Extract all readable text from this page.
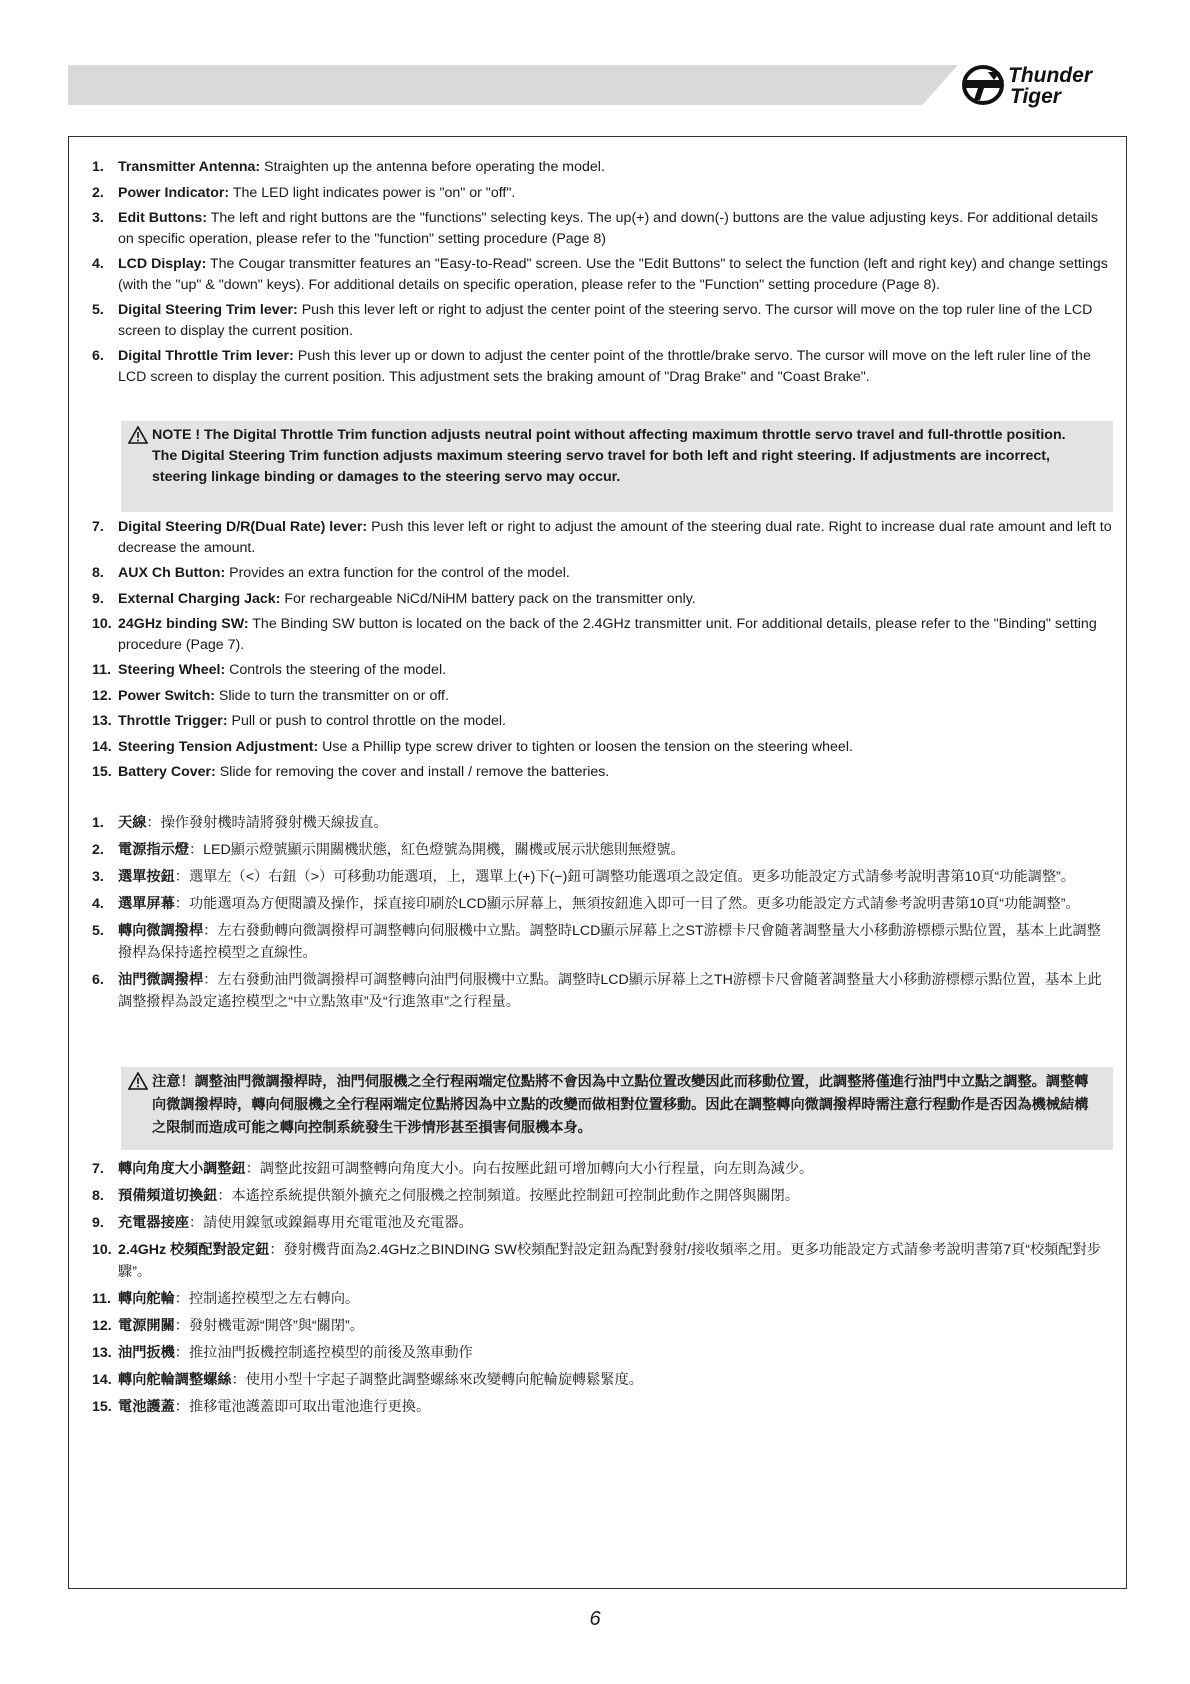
Thunder
Tiger
1. Transmitter Antenna: Straighten up the antenna before operating the model.
2. Power Indicator: The LED light indicates power is "on" or "off".
3. Edit Buttons: The left and right buttons are the "functions" selecting keys. The up(+) and down(-) buttons are the value adjusting keys. For additional details on specific operation, please refer to the "function" setting procedure (Page 8)
4. LCD Display: The Cougar transmitter features an "Easy-to-Read" screen. Use the "Edit Buttons" to select the function (left and right key) and change settings (with the "up" & "down" keys). For additional details on specific operation, please refer to the "Function" setting procedure (Page 8).
5. Digital Steering Trim lever: Push this lever left or right to adjust the center point of the steering servo. The cursor will move on the top ruler line of the LCD screen to display the current position.
6. Digital Throttle Trim lever: Push this lever up or down to adjust the center point of the throttle/brake servo. The cursor will move on the left ruler line of the LCD screen to display the current position. This adjustment sets the braking amount of "Drag Brake" and "Coast Brake".
NOTE ! The Digital Throttle Trim function adjusts neutral point without affecting maximum throttle servo travel and full-throttle position.
The Digital Steering Trim function adjusts maximum steering servo travel for both left and right steering. If adjustments are incorrect, steering linkage binding or damages to the steering servo may occur.
7. Digital Steering D/R(Dual Rate) lever: Push this lever left or right to adjust the amount of the steering dual rate. Right to increase dual rate amount and left to decrease the amount.
8. AUX Ch Button: Provides an extra function for the control of the model.
9. External Charging Jack: For rechargeable NiCd/NiHM battery pack on the transmitter only.
10. 24GHz binding SW: The Binding SW button is located on the back of the 2.4GHz transmitter unit. For additional details, please refer to the "Binding" setting procedure (Page 7).
11. Steering Wheel: Controls the steering of the model.
12. Power Switch: Slide to turn the transmitter on or off.
13. Throttle Trigger: Pull or push to control throttle on the model.
14. Steering Tension Adjustment: Use a Phillip type screw driver to tighten or loosen the tension on the steering wheel.
15. Battery Cover: Slide for removing the cover and install / remove the batteries.
1. 天線：操作發射機時請將發射機天線拔直。
2. 電源指示燈：LED顯示燈號顯示開關機狀態，紅色燈號為開機，關機或展示狀態則無燈號。
3. 選單按鈕：選單左（<）右鈕（>）可移動功能選項，上，選單上(+)下(−)鈕可調整功能選項之設定值。更多功能設定方式請參考說明書第10頁“功能調整”。
4. 選單屏幕：功能選項為方便閱讀及操作，採直接印刷於LCD顯示屏幕上，無須按鈕進入即可一目了然。更多功能設定方式請參考說明書第10頁“功能調整”。
5. 轉向微調撥桿：左右發動轉向微調撥桿可調整轉向伺服機中立點。調整時LCD顯示屏幕上之ST游標卡尺會隨著調整量大小移動游標標示點位置，基本上此調整撥桿為保持遙控模型之直線性。
6. 油門微調撥桿：左右發動油門微調撥桿可調整轉向油門伺服機中立點。調整時LCD顯示屏幕上之TH游標卡尺會隨著調整量大小移動游標標示點位置，基本上此調整撥桿為設定遙控模型之“中立點煞車”及“行進煞車”之行程量。
注意！調整油門微調撥桿時，油門伺服機之全行程兩端定位點將不會因為中立點位置改變因此而移動位置，此調整將僅進行油門中立點之調整。調整轉向微調撥桿時，轉向伺服機之全行程兩端定位點將因為中立點的改變而做相對位置移動。因此在調整轉向微調撥桿時需注意行程動作是否因為機械結構之限制而造成可能之轉向控制系統發生干涉情形甚至損害伺服機本身。
7. 轉向角度大小調整鈕：調整此按鈕可調整轉向角度大小。向右按壓此鈕可增加轉向大小行程量，向左則為減少。
8. 預備頻道切換鈕：本遙控系統提供額外擴充之伺服機之控制頻道。按壓此控制鈕可控制此動作之開啓與關閉。
9. 充電器接座：請使用鎳氫或鎳鎘專用充電電池及充電器。
10. 2.4GHz 校頻配對設定鈕：發射機背面為2.4GHz之BINDING SW校頻配對設定鈕為配對發射/接收頻率之用。更多功能設定方式請參考說明書第7頁“校頻配對步驟”。
11. 轉向舵輪：控制遙控模型之左右轉向。
12. 電源開關：發射機電源“開啓”與“關閉”。
13. 油門扳機：推拉油門扳機控制遙控模型的前後及煞車動作
14. 轉向舵輪調整螺絲：使用小型十字起子調整此調整螺絲來改變轉向舵輪旋轉鬆緊度。
15. 電池護蓋：推移電池護蓋即可取出電池進行更換。
6
